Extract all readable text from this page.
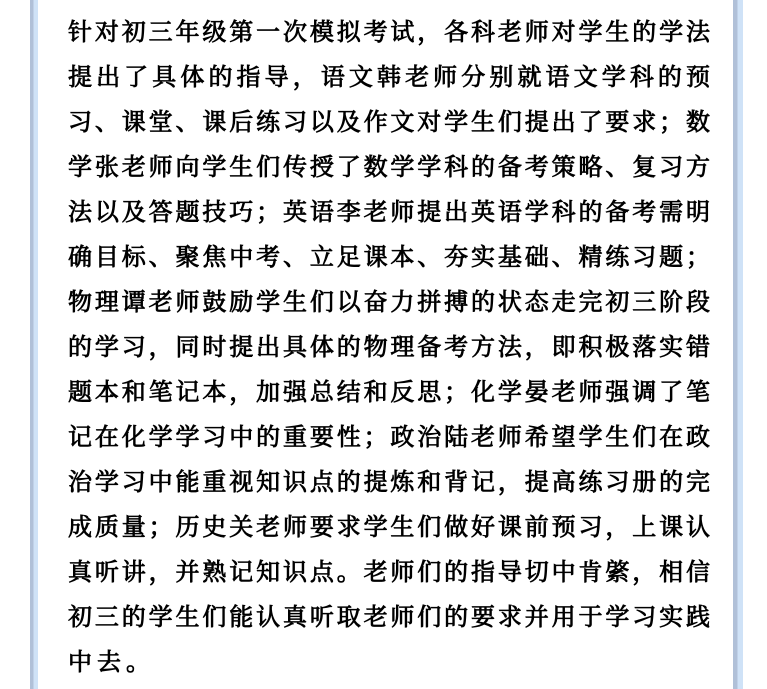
针对初三年级第一次模拟考试，各科老师对学生的学法
提出了具体的指导，语文韩老师分别就语文学科的预
习、课堂、课后练习以及作文对学生们提出了要求；数
学张老师向学生们传授了数学学科的备考策略、复习方
法以及答题技巧；英语李老师提出英语学科的备考需明
确目标、聚焦中考、立足课本、夯实基础、精练习题；
物理谭老师鼓励学生们以奋力拼搏的状态走完初三阶段
的学习，同时提出具体的物理备考方法，即积极落实错
题本和笔记本，加强总结和反思；化学晏老师强调了笔
记在化学学习中的重要性；政治陆老师希望学生们在政
治学习中能重视知识点的提炼和背记，提高练习册的完
成质量；历史关老师要求学生们做好课前预习，上课认
真听讲，并熟记知识点。老师们的指导切中肯綮，相信
初三的学生们能认真听取老师们的要求并用于学习实践
中去。
